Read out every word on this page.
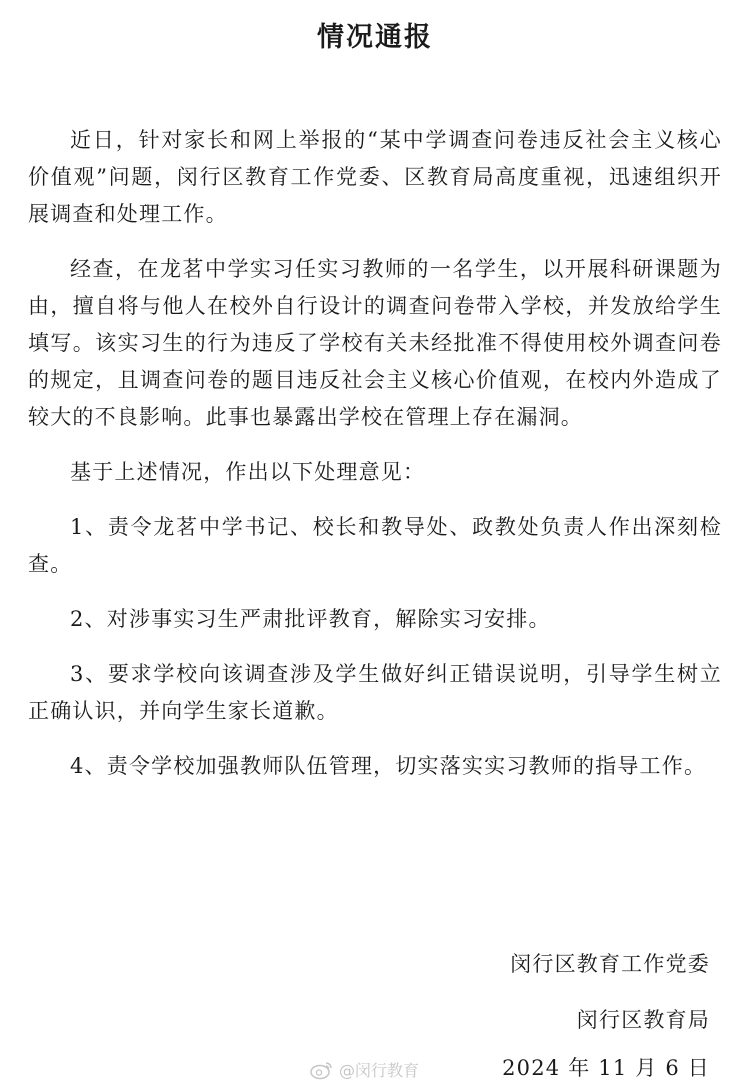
情况通报

近日，针对家长和网上举报的“某中学调查问卷违反社会主义核心价值观”问题，闵行区教育工作党委、区教育局高度重视，迅速组织开展调查和处理工作。

经查，在龙茗中学实习任实习教师的一名学生，以开展科研课题为由，擅自将与他人在校外自行设计的调查问卷带入学校，并发放给学生填写。该实习生的行为违反了学校有关未经批准不得使用校外调查问卷的规定，且调查问卷的题目违反社会主义核心价值观，在校内外造成了较大的不良影响。此事也暴露出学校在管理上存在漏洞。

基于上述情况，作出以下处理意见：

1、责令龙茗中学书记、校长和教导处、政教处负责人作出深刻检查。

2、对涉事实习生严肃批评教育，解除实习安排。

3、要求学校向该调查涉及学生做好纠正错误说明，引导学生树立正确认识，并向学生家长道歉。

4、责令学校加强教师队伍管理，切实落实实习教师的指导工作。

闵行区教育工作党委
闵行区教育局
2024 年 11 月 6 日
@闵行教育
